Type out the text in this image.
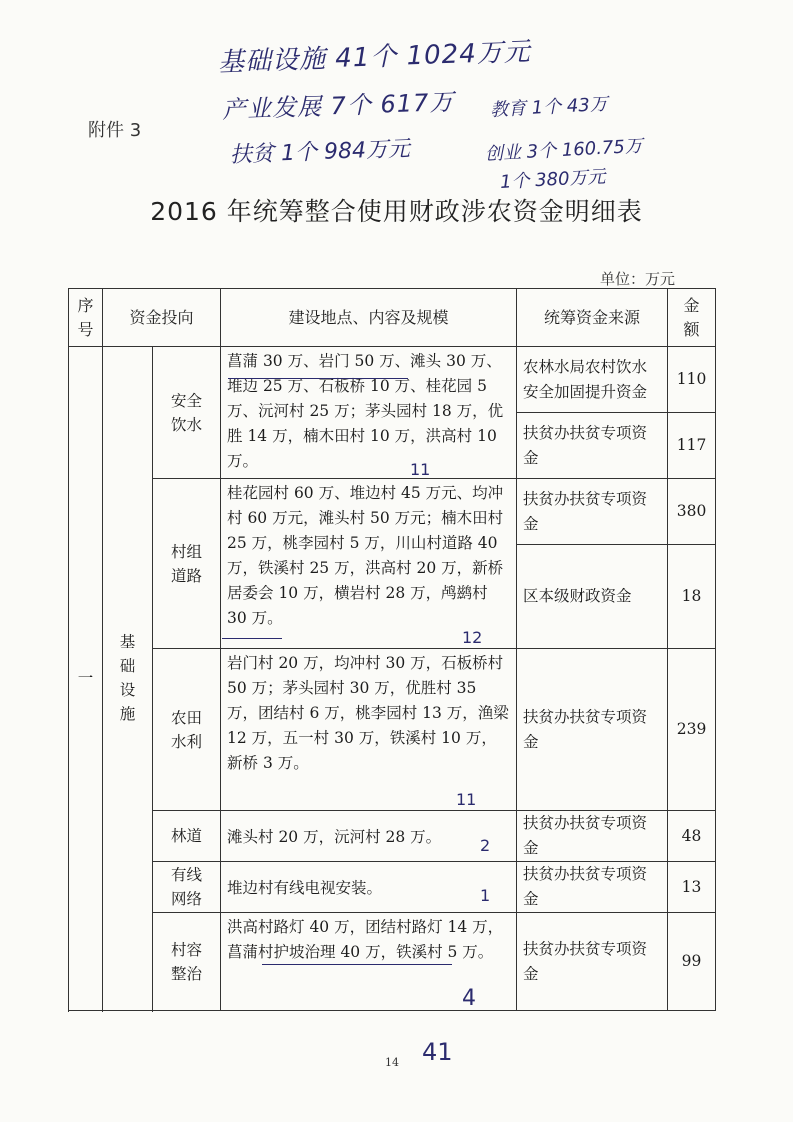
基础设施 41个 1024万元
产业发展 7个 617万 教育 1个 43万
扶贫 1个 984万元	创业 3个 160.75万
1个 380万元
附件 3
2016 年统筹整合使用财政涉农资金明细表
单位：万元
序号	资金投向		建设地点、内容及规模	统筹资金来源	金额
一	基础设施	安全饮水	菖蒲 30 万、岩门 50 万、滩头 30 万、堆边 25 万、石板桥 10 万、桂花园 5 万、沅河村 25 万；茅头园村 18 万，优胜 14 万，楠木田村 10 万，洪高村 10 万。	农林水局农村饮水安全加固提升资金	110
				扶贫办扶贫专项资金	117
		村组道路	桂花园村 60 万、堆边村 45 万元、均冲村 60 万元，滩头村 50 万元；楠木田村 25 万，桃李园村 5 万，川山村道路 40 万，铁溪村 25 万，洪高村 20 万，新桥居委会 10 万，横岩村 28 万，鸬鹚村 30 万。	扶贫办扶贫专项资金	380
				区本级财政资金	18
		农田水利	岩门村 20 万，均冲村 30 万，石板桥村 50 万；茅头园村 30 万，优胜村 35 万，团结村 6 万，桃李园村 13 万，渔梁 12 万，五一村 30 万，铁溪村 10 万，新桥 3 万。	扶贫办扶贫专项资金	239
		林道	滩头村 20 万，沅河村 28 万。	扶贫办扶贫专项资金	48
		有线网络	堆边村有线电视安装。	扶贫办扶贫专项资金	13
		村容整治	洪高村路灯 40 万，团结村路灯 14 万，菖蒲村护坡治理 40 万，铁溪村 5 万。	扶贫办扶贫专项资金	99

11
12
11
2
1
4
14 41
